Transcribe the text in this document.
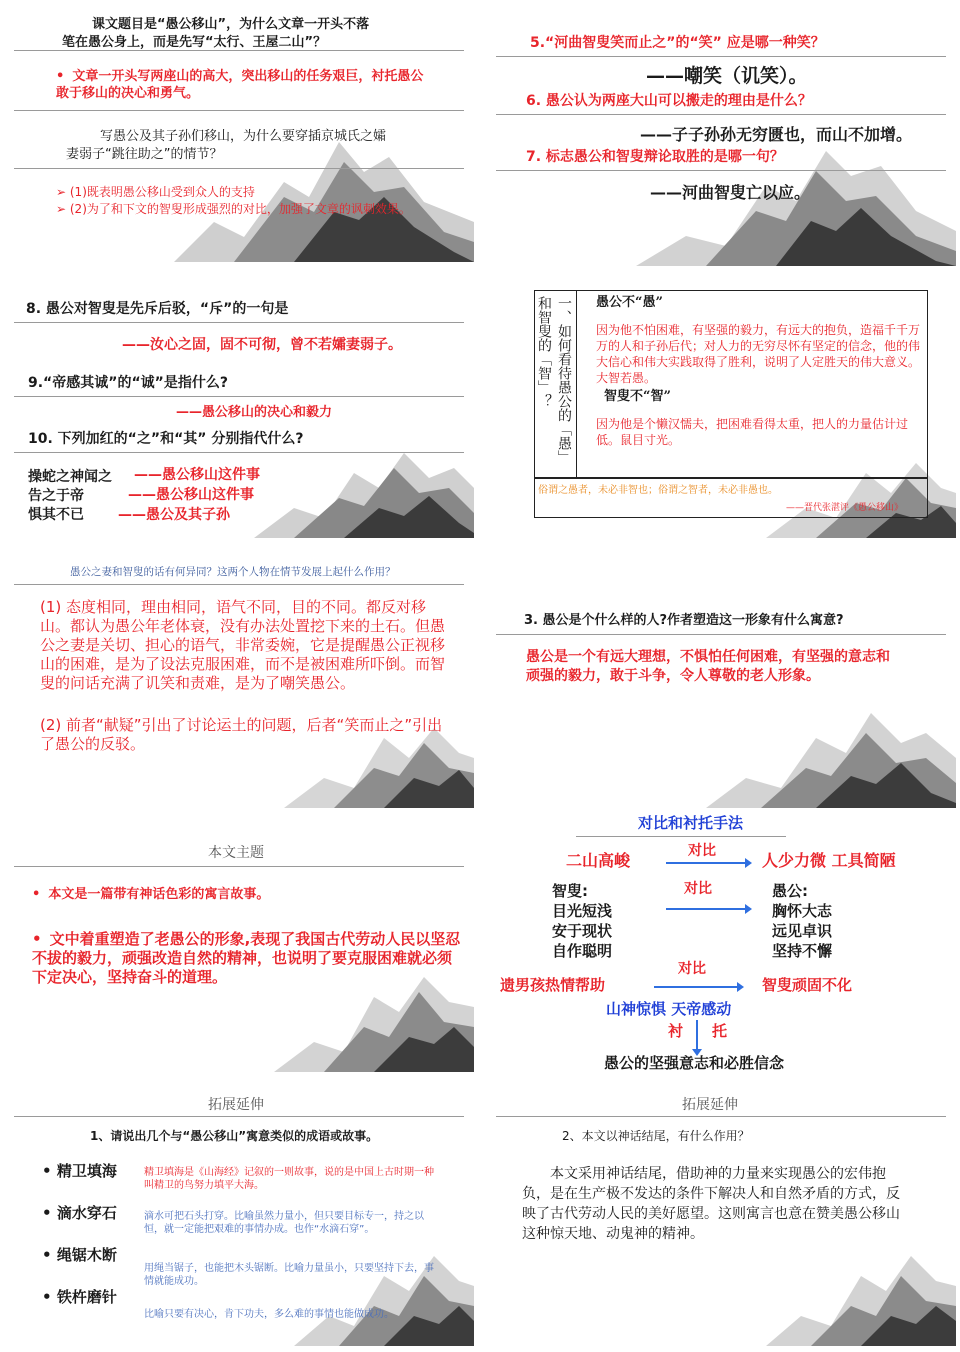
课文题目是“愚公移山”，为什么文章一开头不落
笔在愚公身上，而是先写“太行、王屋二山”？
• 文章一开头写两座山的高大，突出移山的任务艰巨，衬托愚公敢于移山的决心和勇气。
写愚公及其子孙们移山，为什么要穿插京城氏之孀
妻弱子“跳往助之”的情节？
➢ (1)既表明愚公移山受到众人的支持
➢ (2)为了和下文的智叟形成强烈的对比，加强了文章的讽刺效果。
5.“河曲智叟笑而止之”的“笑” 应是哪一种笑？
——嘲笑（讥笑）。
6. 愚公认为两座大山可以搬走的理由是什么？
——子子孙孙无穷匮也，而山不加增。
7. 标志愚公和智叟辩论取胜的是哪一句？
——河曲智叟亡以应。
8. 愚公对智叟是先斥后驳，“斥”的一句是
——汝心之固，固不可彻，曾不若孀妻弱子。
9.“帝感其诚”的“诚”是指什么?
——愚公移山的决心和毅力
10. 下列加红的“之”和“其” 分别指代什么?
操蛇之神闻之 ——愚公移山这件事
告之于帝	——愚公移山这件事
惧其不已 ——愚公及其子孙
一、如何看待愚公的「愚」
和智叟的「智」？	愚公不“愚”
因为他不怕困难，有坚强的毅力，有远大的抱负，造福千千万万的人和子孙后代；对人力的无穷尽怀有坚定的信念，他的伟大信心和伟大实践取得了胜利，说明了人定胜天的伟大意义。大智若愚。
智叟不“智”
因为他是个懒汉懦夫，把困难看得太重，把人的力量估计过低。鼠目寸光。
俗谓之愚者，未必非智也；俗谓之智者，未必非愚也。
——晋代张湛评《愚公移山》
愚公之妻和智叟的话有何异同？这两个人物在情节发展上起什么作用？
(1) 态度相同，理由相同，语气不同，目的不同。都反对移山。都认为愚公年老体衰，没有办法处置挖下来的土石。但愚公之妻是关切、担心的语气，非常委婉，它是提醒愚公正视移山的困难，是为了设法克服困难，而不是被困难所吓倒。而智叟的问话充满了讥笑和责难，是为了嘲笑愚公。
(2) 前者“献疑”引出了讨论运土的问题，后者“笑而止之”引出了愚公的反驳。
3. 愚公是个什么样的人?作者塑造这一形象有什么寓意?
愚公是一个有远大理想，不惧怕任何困难，有坚强的意志和顽强的毅力，敢于斗争，令人尊敬的老人形象。
本文主题
• 本文是一篇带有神话色彩的寓言故事。
• 文中着重塑造了老愚公的形象,表现了我国古代劳动人民以坚忍不拔的毅力，顽强改造自然的精神，也说明了要克服困难就必须下定决心，坚持奋斗的道理。
对比和衬托手法
二山高峻	对比	人少力微 工具简陋
智叟:
目光短浅
安于现状
自作聪明
对比	愚公:
胸怀大志
远见卓识
坚持不懈
对比
遗男孩热情帮助	智叟顽固不化
山神惊惧 天帝感动
衬 托
愚公的坚强意志和必胜信念
拓展延伸
1、请说出几个与“愚公移山”寓意类似的成语或故事。
• 精卫填海	精卫填海是《山海经》记叙的一则故事，说的是中国上古时期一种叫精卫的鸟努力填平大海。
• 滴水穿石	滴水可把石头打穿。比喻虽然力量小，但只要目标专一，持之以恒，就一定能把艰难的事情办成。也作“水滴石穿”。
• 绳锯木断
用绳当锯子，也能把木头锯断。比喻力量虽小，只要坚持下去，事情就能成功。
• 铁杵磨针
比喻只要有决心，肯下功夫，多么难的事情也能做成功。
拓展延伸
2、本文以神话结尾，有什么作用？
本文采用神话结尾，借助神的力量来实现愚公的宏伟抱负，是在生产极不发达的条件下解决人和自然矛盾的方式，反映了古代劳动人民的美好愿望。这则寓言也意在赞美愚公移山这种惊天地、动鬼神的精神。
